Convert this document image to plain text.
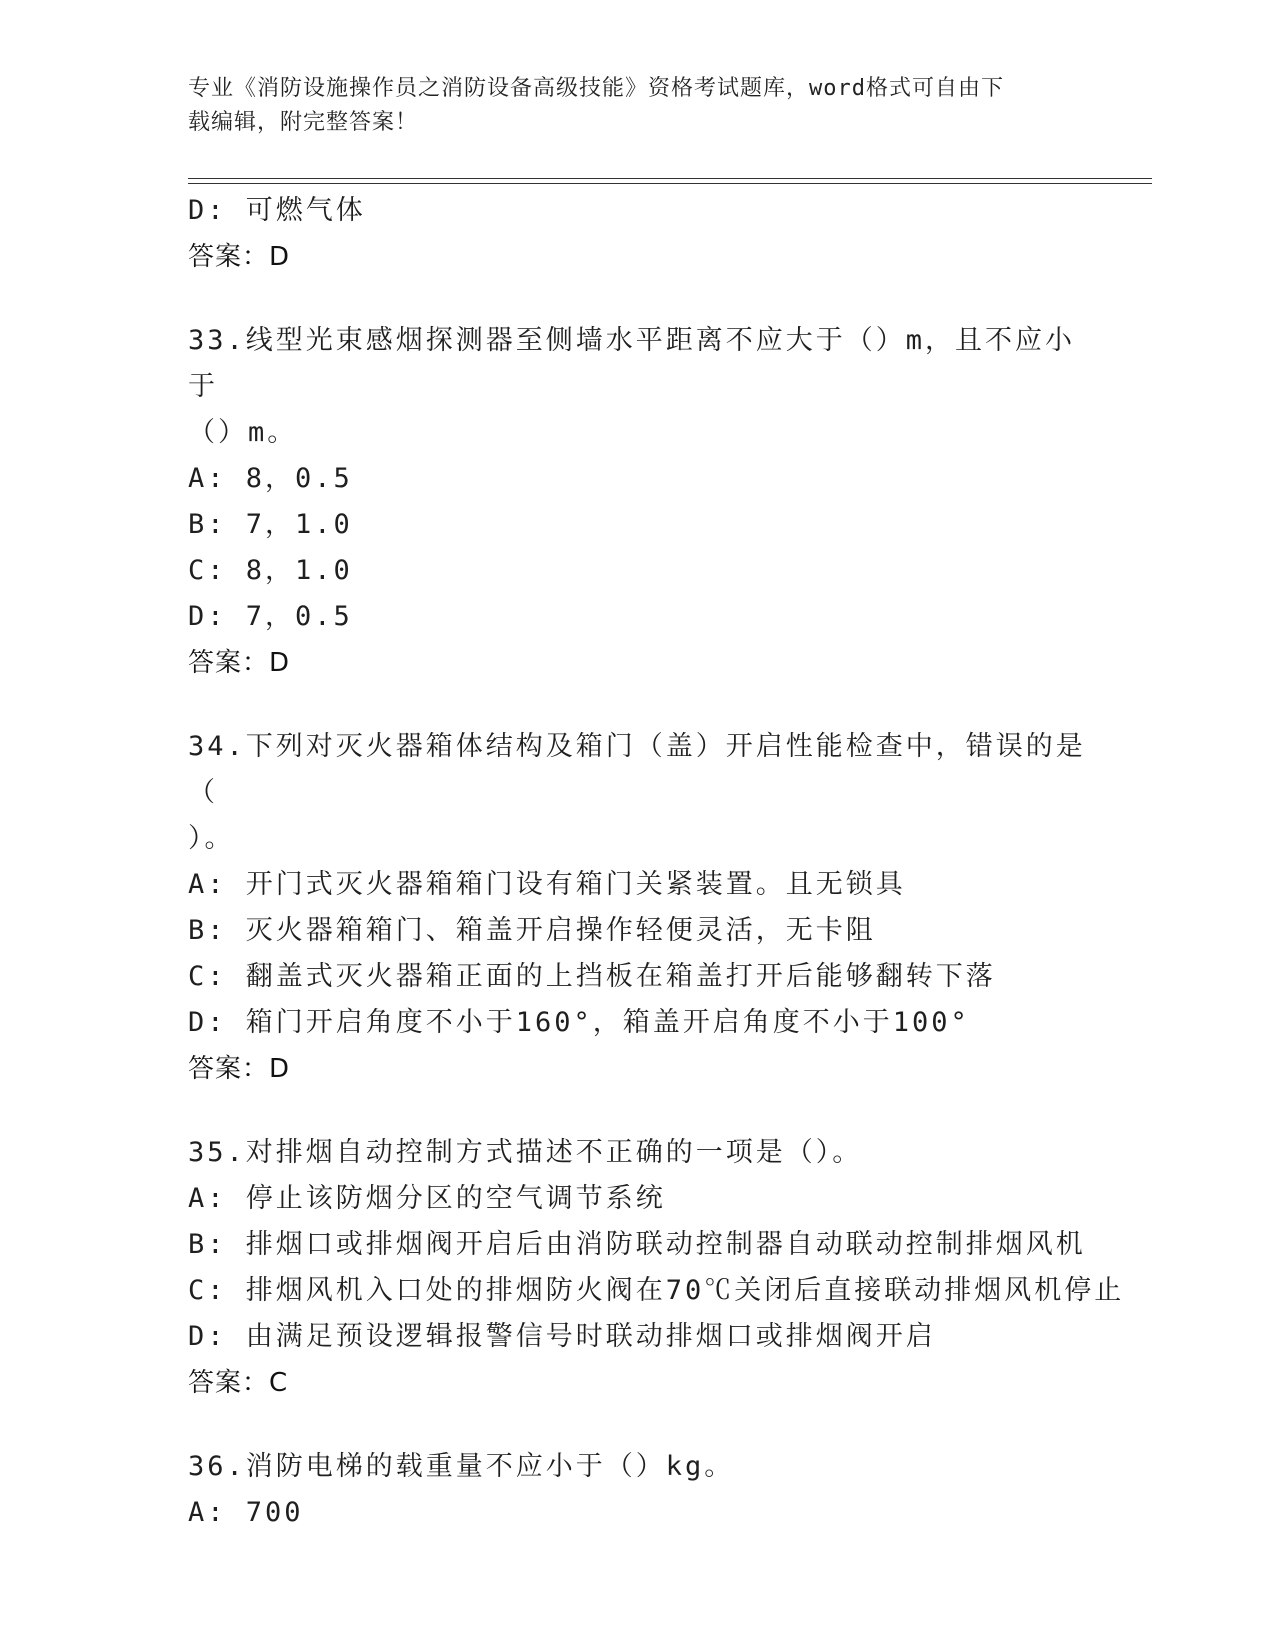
专业《消防设施操作员之消防设备高级技能》资格考试题库，word格式可自由下
载编辑，附完整答案！
D: 可燃气体
答案：D
33.线型光束感烟探测器至侧墙水平距离不应大于（）m，且不应小于
（）m。
A: 8，0.5
B: 7，1.0
C: 8，1.0
D: 7，0.5
答案：D
34.下列对灭火器箱体结构及箱门（盖）开启性能检查中，错误的是（
）。
A: 开门式灭火器箱箱门设有箱门关紧装置。且无锁具
B: 灭火器箱箱门、箱盖开启操作轻便灵活，无卡阻
C: 翻盖式灭火器箱正面的上挡板在箱盖打开后能够翻转下落
D: 箱门开启角度不小于160°，箱盖开启角度不小于100°
答案：D
35.对排烟自动控制方式描述不正确的一项是（）。
A: 停止该防烟分区的空气调节系统
B: 排烟口或排烟阀开启后由消防联动控制器自动联动控制排烟风机
C: 排烟风机入口处的排烟防火阀在70℃关闭后直接联动排烟风机停止
D: 由满足预设逻辑报警信号时联动排烟口或排烟阀开启
答案：C
36.消防电梯的载重量不应小于（）kg。
A: 700
